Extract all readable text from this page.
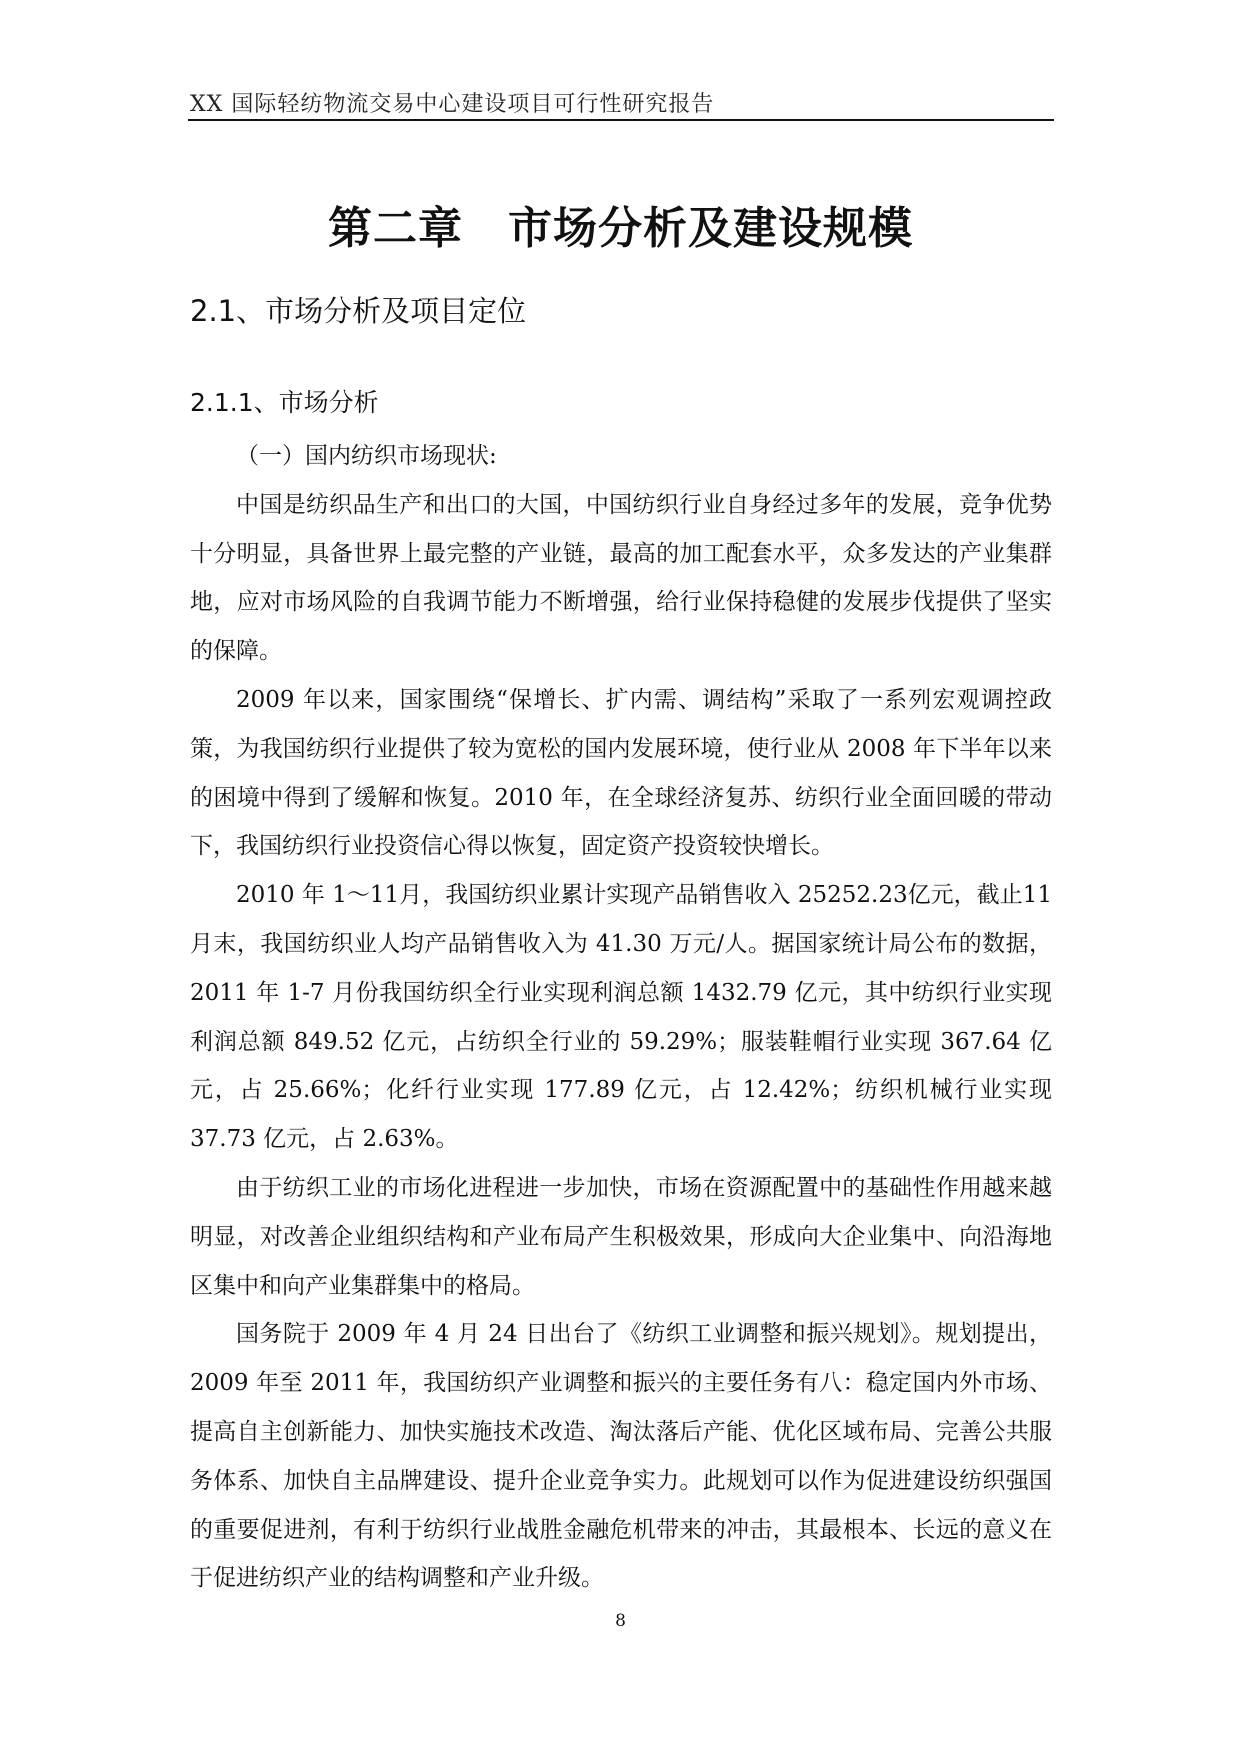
XX 国际轻纺物流交易中心建设项目可行性研究报告
第二章　市场分析及建设规模
2.1、市场分析及项目定位
2.1.1、市场分析

（一）国内纺织市场现状:

中国是纺织品生产和出口的大国，中国纺织行业自身经过多年的发展，竞争优势十分明显，具备世界上最完整的产业链，最高的加工配套水平，众多发达的产业集群地，应对市场风险的自我调节能力不断增强，给行业保持稳健的发展步伐提供了坚实的保障。

2009 年以来，国家围绕“保增长、扩内需、调结构”采取了一系列宏观调控政策，为我国纺织行业提供了较为宽松的国内发展环境，使行业从 2008 年下半年以来的困境中得到了缓解和恢复。2010 年，在全球经济复苏、纺织行业全面回暖的带动下，我国纺织行业投资信心得以恢复，固定资产投资较快增长。

2010 年 1～11月，我国纺织业累计实现产品销售收入 25252.23亿元，截止11月末，我国纺织业人均产品销售收入为 41.30 万元/人。据国家统计局公布的数据， 2011 年 1-7 月份我国纺织全行业实现利润总额 1432.79 亿元，其中纺织行业实现利润总额 849.52 亿元，占纺织全行业的 59.29%；服装鞋帽行业实现 367.64 亿元，占 25.66%；化纤行业实现 177.89 亿元，占 12.42%；纺织机械行业实现 37.73 亿元，占 2.63%。

由于纺织工业的市场化进程进一步加快，市场在资源配置中的基础性作用越来越明显，对改善企业组织结构和产业布局产生积极效果，形成向大企业集中、向沿海地区集中和向产业集群集中的格局。

国务院于 2009 年 4 月 24 日出台了《纺织工业调整和振兴规划》。规划提出，2009 年至 2011 年，我国纺织产业调整和振兴的主要任务有八：稳定国内外市场、提高自主创新能力、加快实施技术改造、淘汰落后产能、优化区域布局、完善公共服务体系、加快自主品牌建设、提升企业竞争实力。此规划可以作为促进建设纺织强国的重要促进剂，有利于纺织行业战胜金融危机带来的冲击，其最根本、长远的意义在于促进纺织产业的结构调整和产业升级。

8
